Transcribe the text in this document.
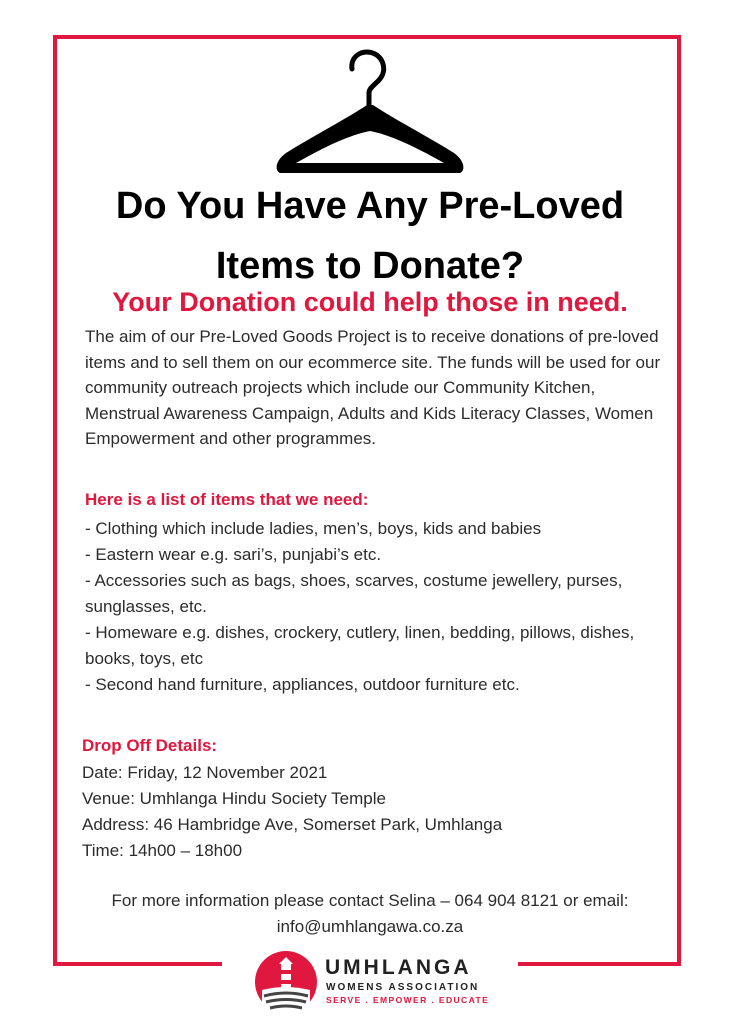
Do You Have Any Pre-Loved
Items to Donate?
Your Donation could help those in need.

The aim of our Pre-Loved Goods Project is to receive donations of pre-loved items and to sell them on our ecommerce site. The funds will be used for our community outreach projects which include our Community Kitchen, Menstrual Awareness Campaign, Adults and Kids Literacy Classes, Women Empowerment and other programmes.

Here is a list of items that we need:

- Clothing which include ladies, men’s, boys, kids and babies
- Eastern wear e.g. sari’s, punjabi’s etc.
- Accessories such as bags, shoes, scarves, costume jewellery, purses, sunglasses, etc.
- Homeware e.g. dishes, crockery, cutlery, linen, bedding, pillows, dishes,
books, toys, etc
- Second hand furniture, appliances, outdoor furniture etc.

Drop Off Details:

Date: Friday, 12 November 2021
Venue: Umhlanga Hindu Society Temple
Address: 46 Hambridge Ave, Somerset Park, Umhlanga
Time: 14h00 – 18h00

For more information please contact Selina – 064 904 8121 or email:
info@umhlangawa.co.za

UMHLANGA
WOMENS ASSOCIATION
SERVE . EMPOWER . EDUCATE
